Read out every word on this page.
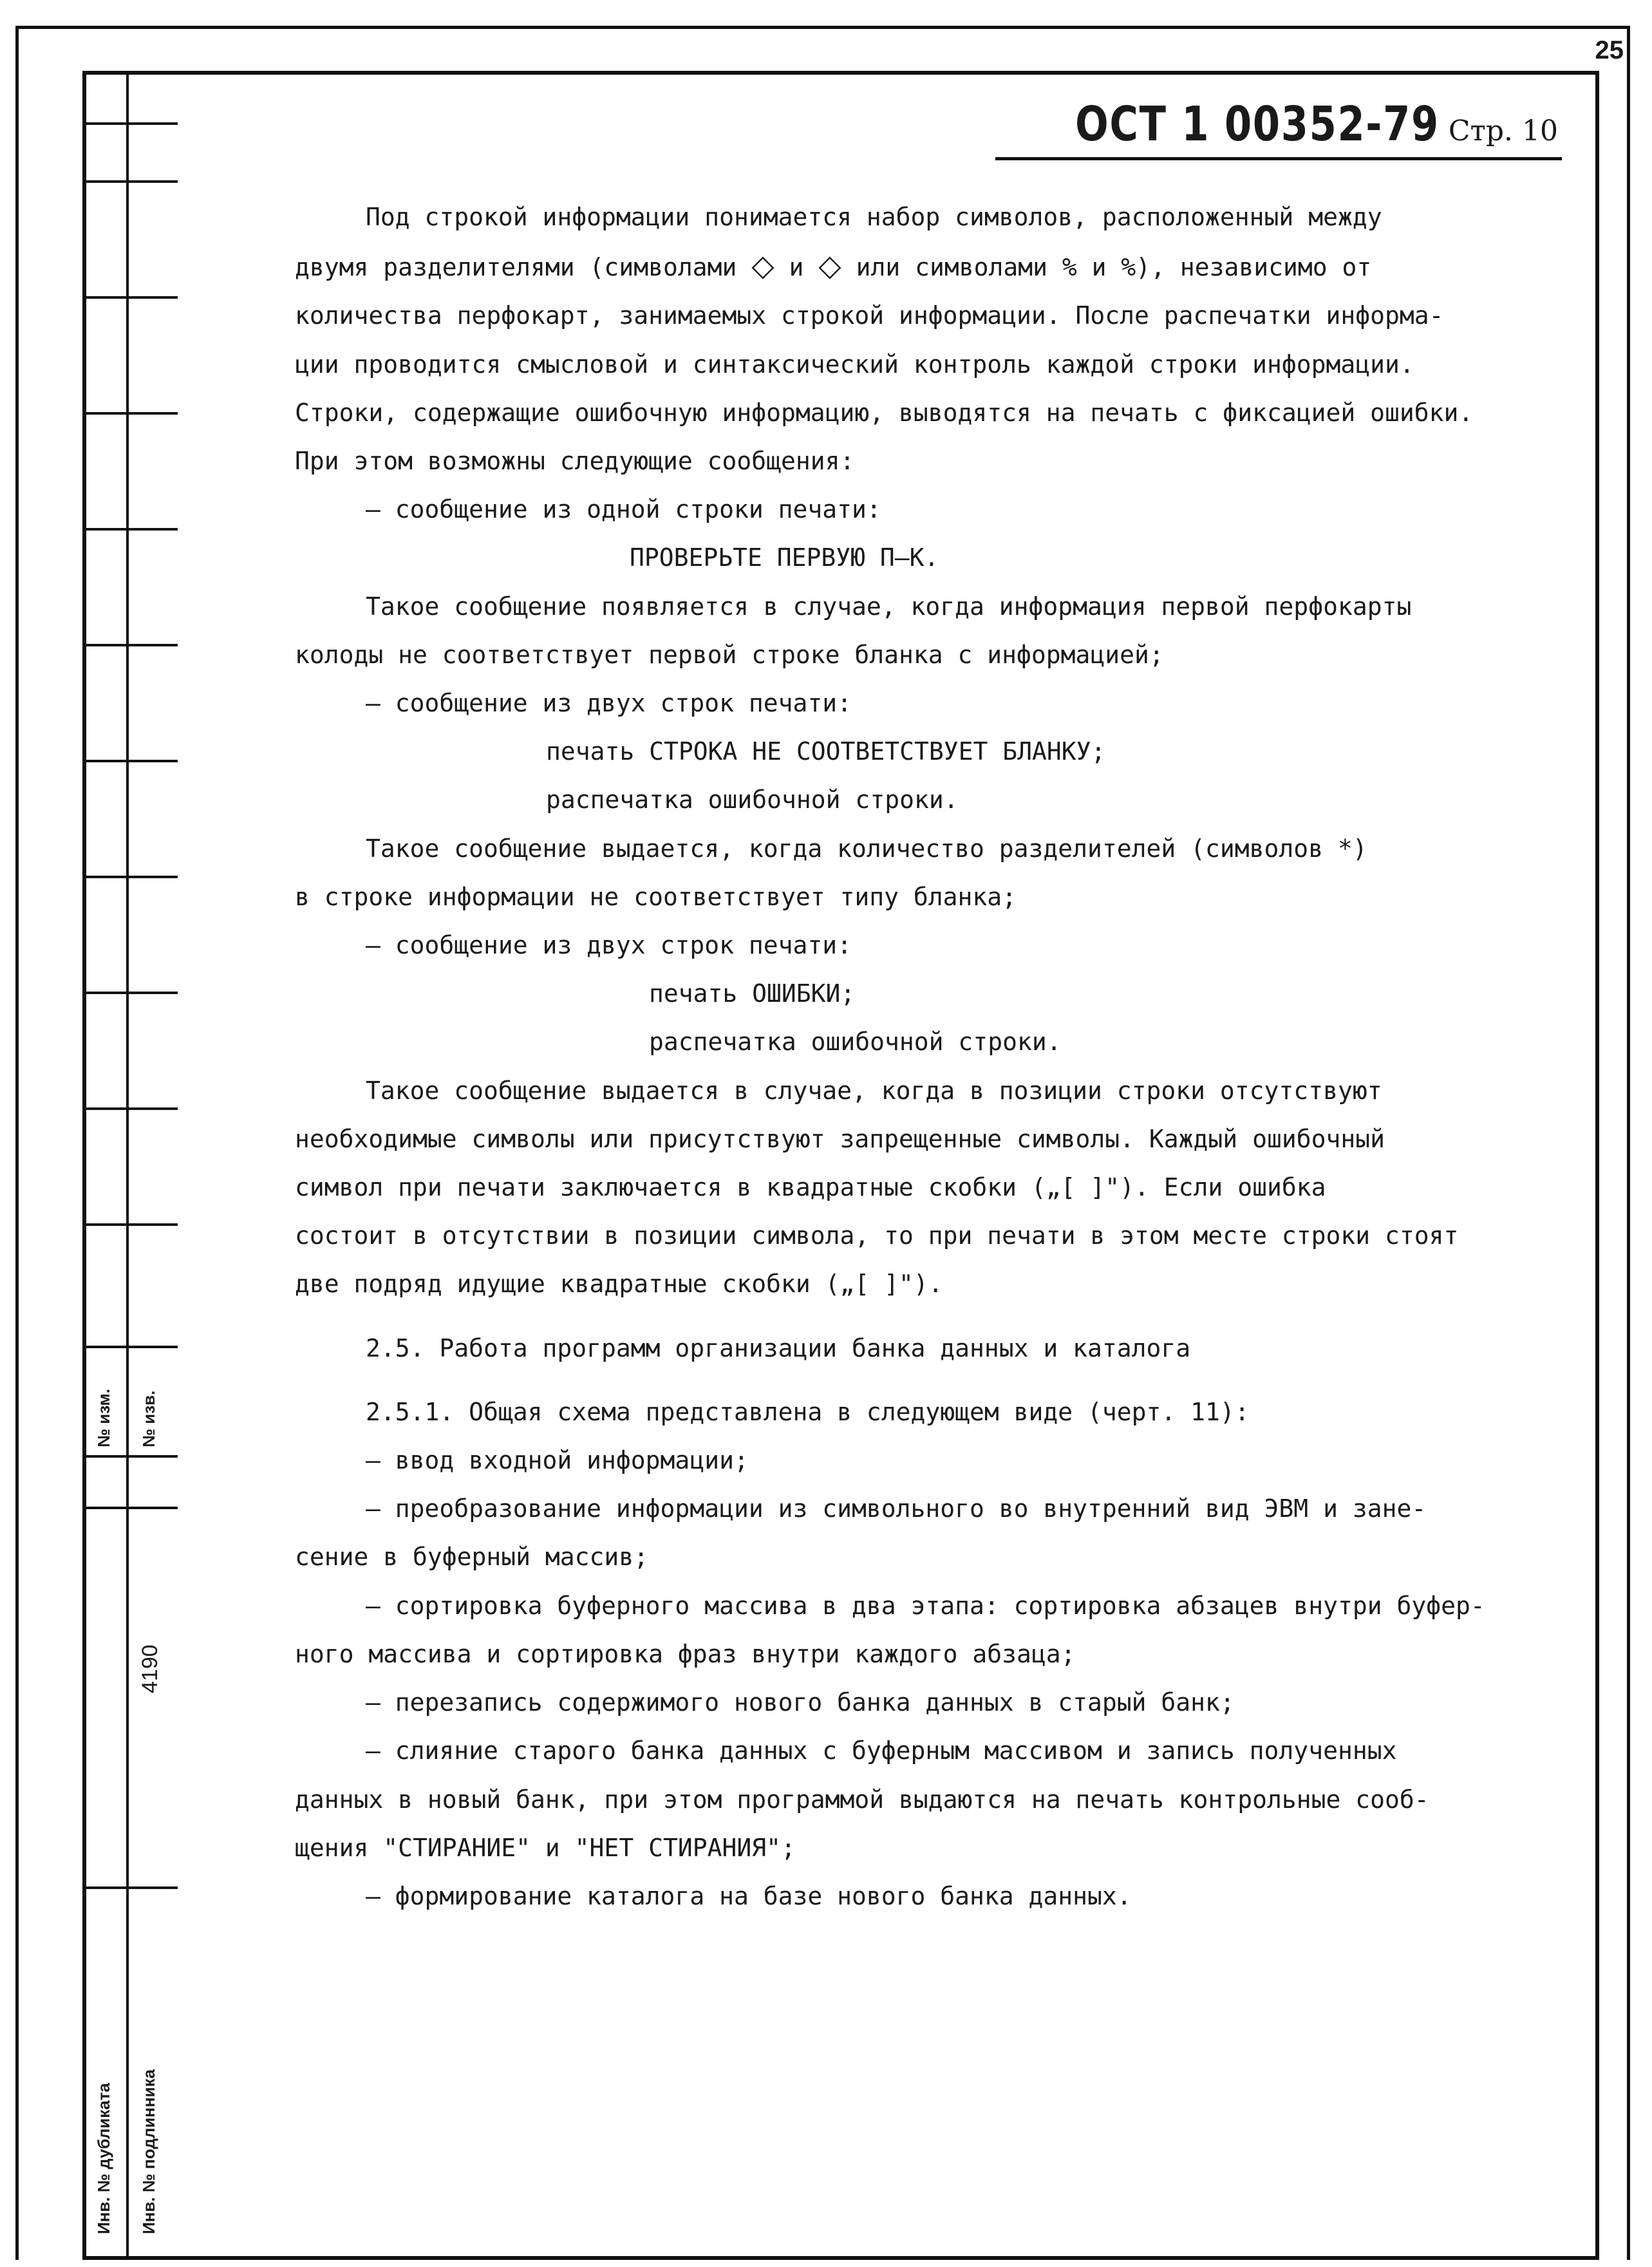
25
№ изм. № изв.
4190
Инв. № дубликата Инв. № подлинника
ОСТ 1 00352-79 Стр. 10

Под строкой информации понимается набор символов, расположенный между

двумя разделителями (символами ◇ и ◇ или символами % и %), независимо от

количества перфокарт, занимаемых строкой информации. После распечатки информа-

ции проводится смысловой и синтаксический контроль каждой строки информации.

Строки, содержащие ошибочную информацию, выводятся на печать с фиксацией ошибки.

При этом возможны следующие сообщения:

– сообщение из одной строки печати:

ПРОВЕРЬТЕ ПЕРВУЮ П–К.

Такое сообщение появляется в случае, когда информация первой перфокарты

колоды не соответствует первой строке бланка с информацией;

– сообщение из двух строк печати:

печать СТРОКА НЕ СООТВЕТСТВУЕТ БЛАНКУ;

распечатка ошибочной строки.

Такое сообщение выдается, когда количество разделителей (символов *)

в строке информации не соответствует типу бланка;

– сообщение из двух строк печати:

печать ОШИБКИ;

распечатка ошибочной строки.

Такое сообщение выдается в случае, когда в позиции строки отсутствуют

необходимые символы или присутствуют запрещенные символы. Каждый ошибочный

символ при печати заключается в квадратные скобки („[ ]"). Если ошибка

состоит в отсутствии в позиции символа, то при печати в этом месте строки стоят

две подряд идущие квадратные скобки („[ ]").

2.5. Работа программ организации банка данных и каталога

2.5.1. Общая схема представлена в следующем виде (черт. 11):

– ввод входной информации;

– преобразование информации из символьного во внутренний вид ЭВМ и зане-

сение в буферный массив;

– сортировка буферного массива в два этапа: сортировка абзацев внутри буфер-

ного массива и сортировка фраз внутри каждого абзаца;

– перезапись содержимого нового банка данных в старый банк;

– слияние старого банка данных с буферным массивом и запись полученных

данных в новый банк, при этом программой выдаются на печать контрольные сооб-

щения "СТИРАНИЕ" и "НЕТ СТИРАНИЯ";

– формирование каталога на базе нового банка данных.
